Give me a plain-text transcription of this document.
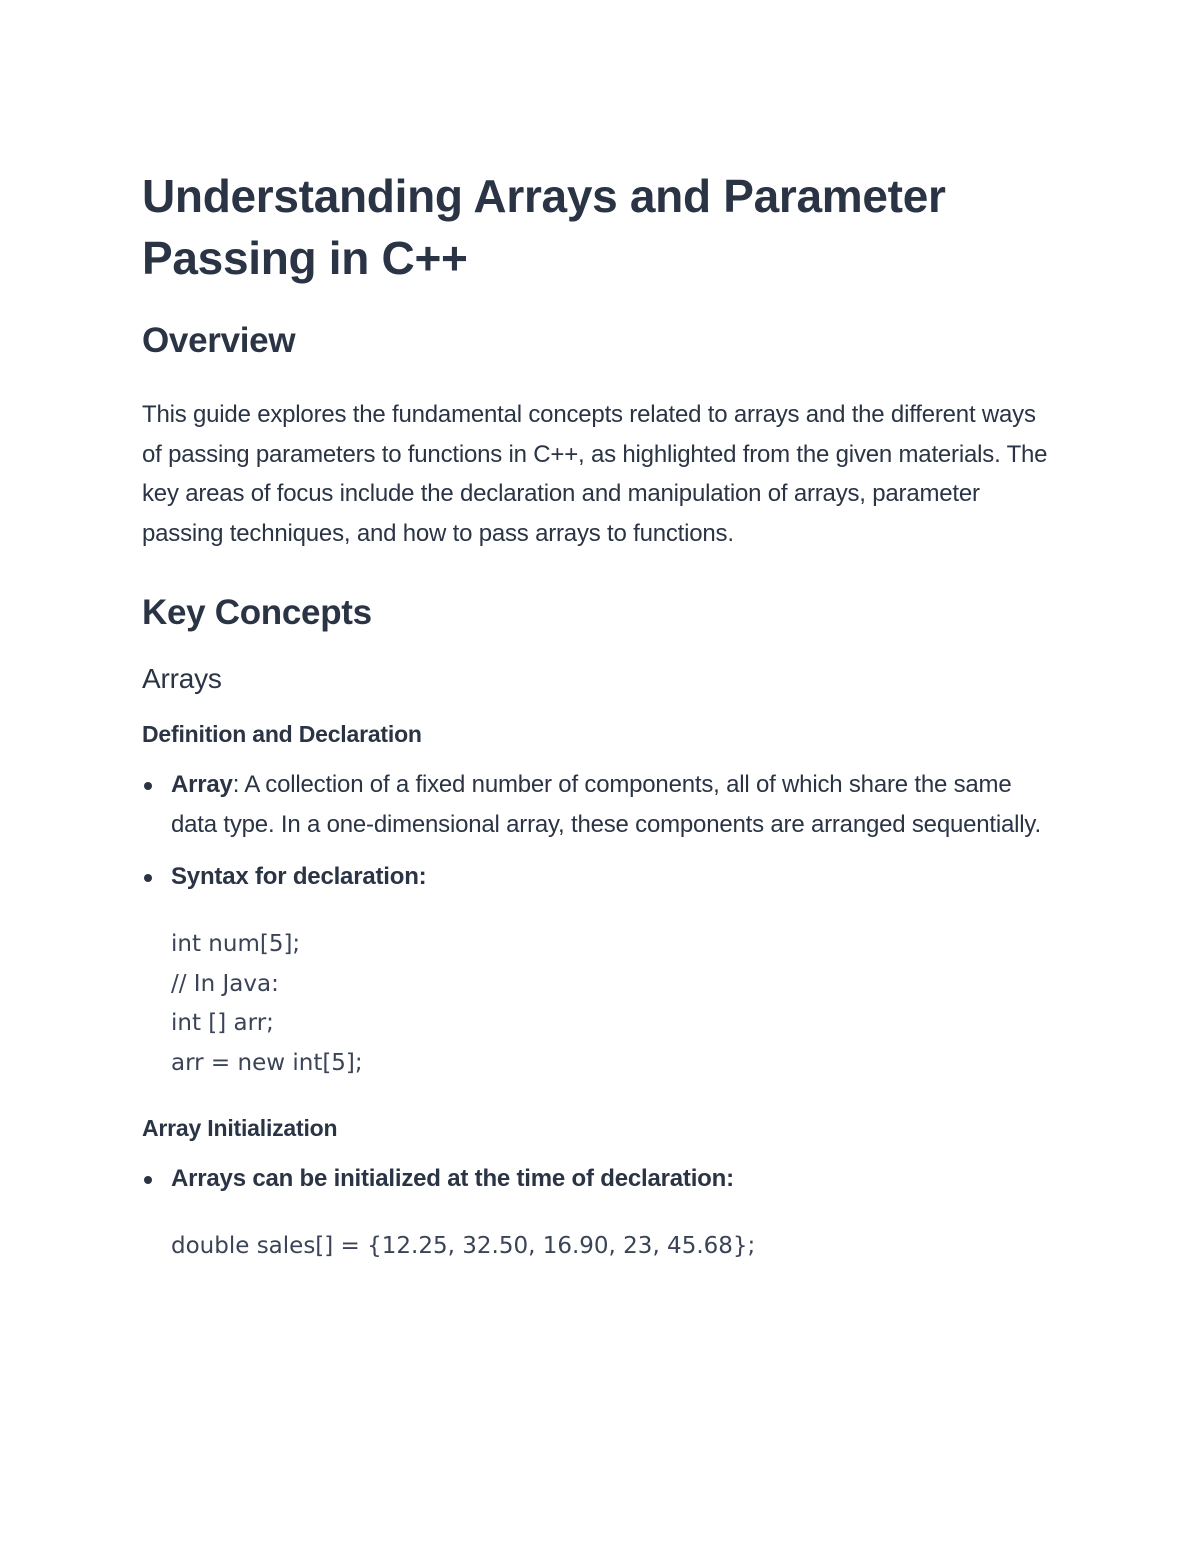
Understanding Arrays and Parameter Passing in C++
Overview

This guide explores the fundamental concepts related to arrays and the different ways of passing parameters to functions in C++, as highlighted from the given materials. The key areas of focus include the declaration and manipulation of arrays, parameter passing techniques, and how to pass arrays to functions.

Key Concepts
Arrays
Definition and Declaration
Array: A collection of a fixed number of components, all of which share the same data type. In a one-dimensional array, these components are arranged sequentially.
Syntax for declaration:
int num[5];
// In Java:
int [] arr;
arr = new int[5];
Array Initialization
Arrays can be initialized at the time of declaration:
double sales[] = {12.25, 32.50, 16.90, 23, 45.68};
